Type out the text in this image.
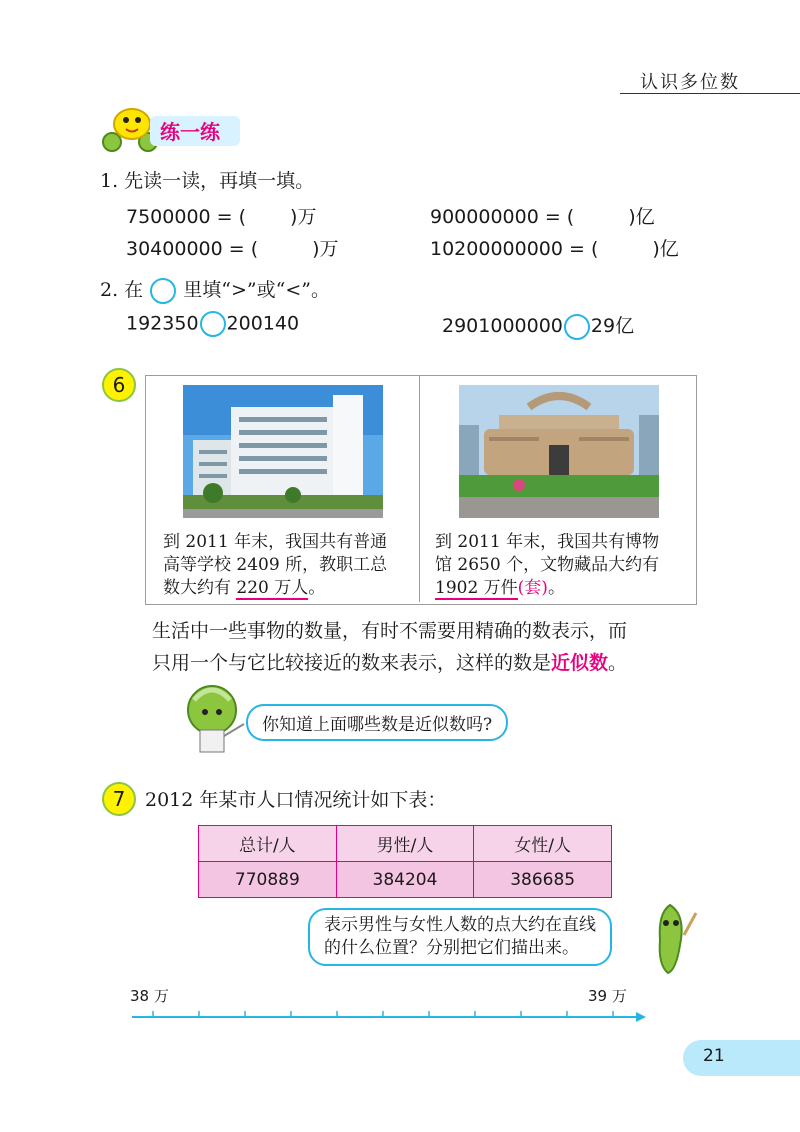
认识多位数
练一练
1. 先读一读，再填一填。
7500000 = ( )万	900000000 = (	)亿
30400000 = (	)万	10200000000 = (	)亿
2. 在 里填“>”或“<”。
192350 200140	2901000000 29亿
6
到 2011 年末，我国共有普通
高等学校 2409 所，教职工总
数大约有 220 万人。
到 2011 年末，我国共有博物
馆 2650 个，文物藏品大约有
1902 万件(套)。
生活中一些事物的数量，有时不需要用精确的数表示，而
只用一个与它比较接近的数来表示，这样的数是近似数。
你知道上面哪些数是近似数吗?
7	2012 年某市人口情况统计如下表：
总计/人	男性/人	女性/人
770889	384204	386685
表示男性与女性人数的点大约在直线
的什么位置？分别把它们描出来。
38 万	39 万
21
